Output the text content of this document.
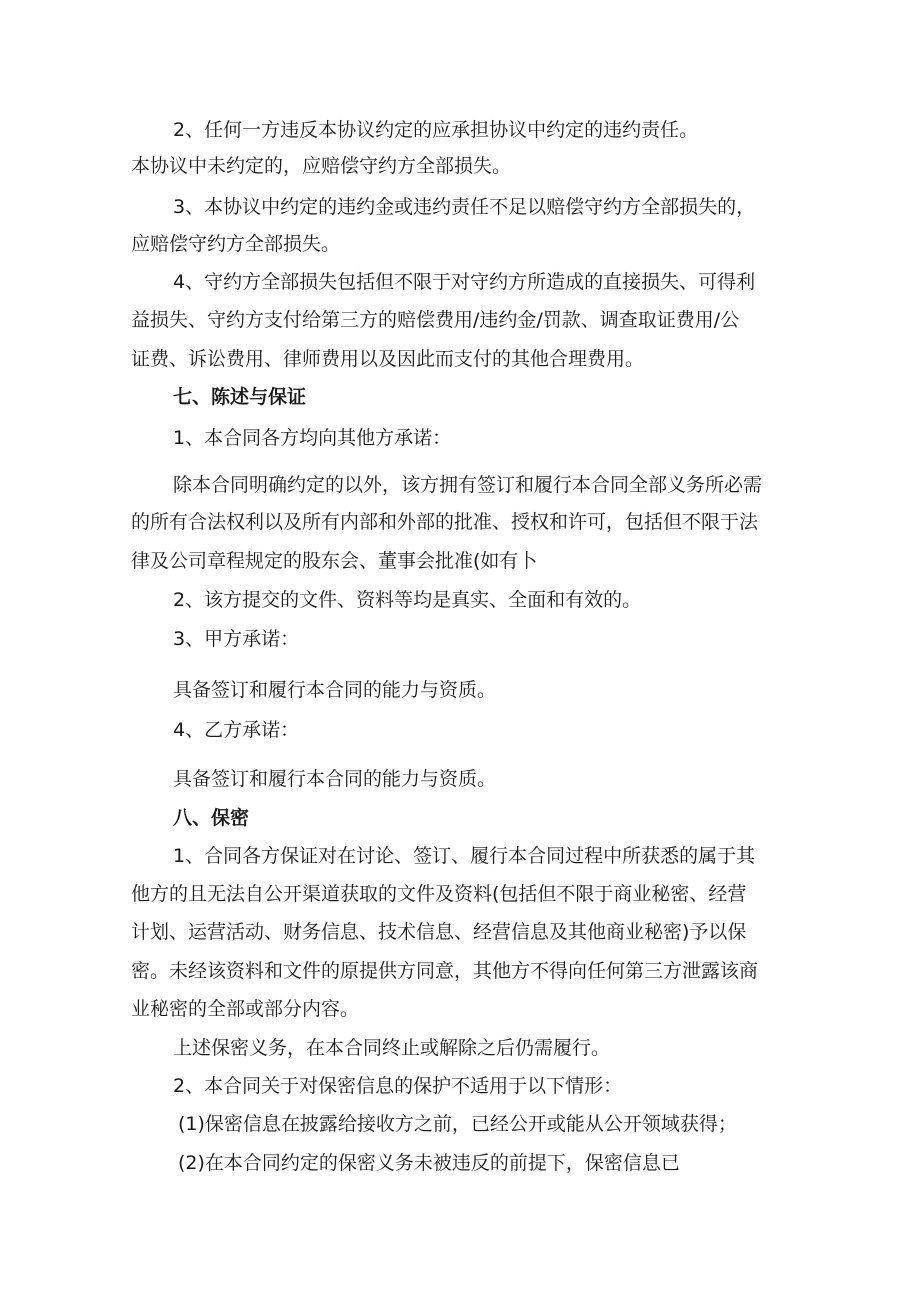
2、任何一方违反本协议约定的应承担协议中约定的违约责任。
本协议中未约定的，应赔偿守约方全部损失。
3、本协议中约定的违约金或违约责任不足以赔偿守约方全部损失的，
应赔偿守约方全部损失。
4、守约方全部损失包括但不限于对守约方所造成的直接损失、可得利
益损失、守约方支付给第三方的赔偿费用/违约金/罚款、调查取证费用/公
证费、诉讼费用、律师费用以及因此而支付的其他合理费用。
七、陈述与保证
1、本合同各方均向其他方承诺：
除本合同明确约定的以外，该方拥有签订和履行本合同全部义务所必需
的所有合法权利以及所有内部和外部的批准、授权和许可，包括但不限于法
律及公司章程规定的股东会、董事会批准(如有卜
2、该方提交的文件、资料等均是真实、全面和有效的。
3、甲方承诺：
具备签订和履行本合同的能力与资质。
4、乙方承诺：
具备签订和履行本合同的能力与资质。
八、保密
1、合同各方保证对在讨论、签订、履行本合同过程中所获悉的属于其
他方的且无法自公开渠道获取的文件及资料(包括但不限于商业秘密、经营
计划、运营活动、财务信息、技术信息、经营信息及其他商业秘密)予以保
密。未经该资料和文件的原提供方同意，其他方不得向任何第三方泄露该商
业秘密的全部或部分内容。
上述保密义务，在本合同终止或解除之后仍需履行。
2、本合同关于对保密信息的保护不适用于以下情形：
(1)保密信息在披露给接收方之前，已经公开或能从公开领域获得；
(2)在本合同约定的保密义务未被违反的前提下，保密信息已
